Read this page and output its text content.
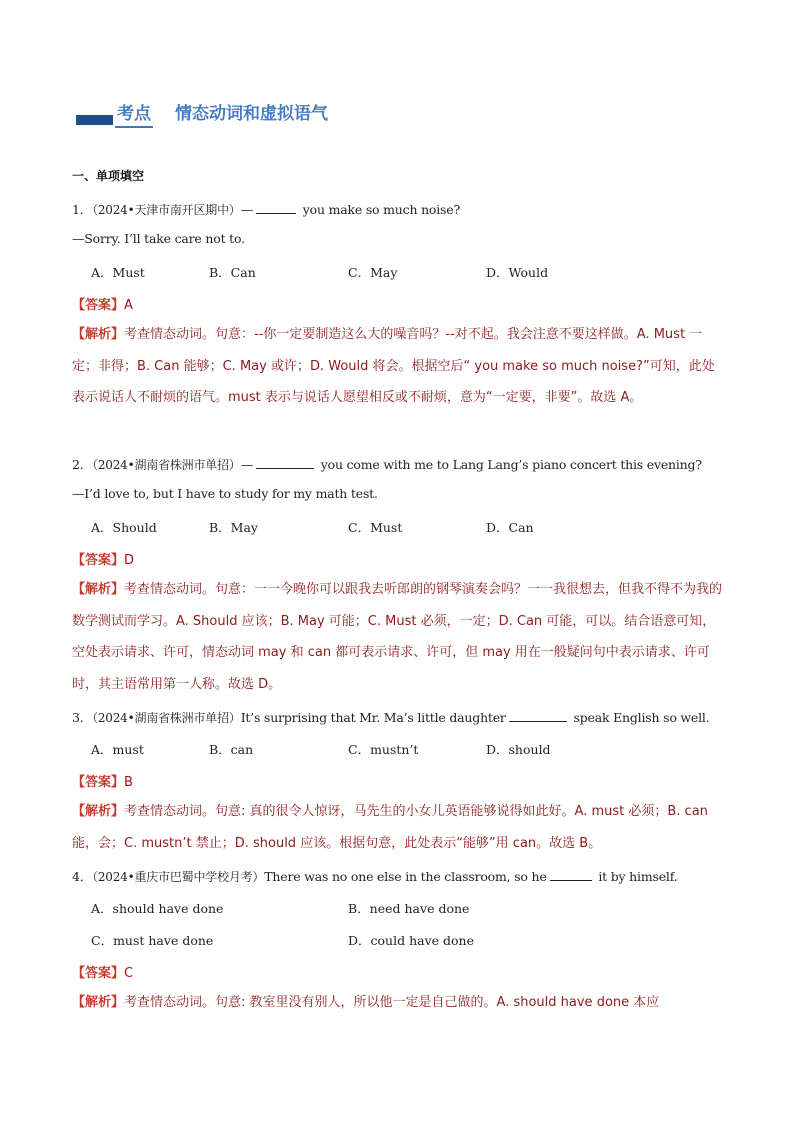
考点 情态动词和虚拟语气
一、单项填空
1．（2024•天津市南开区期中）—	you make so much noise?
—Sorry. I’ll take care not to.
A．Must	B．Can	C．May	D．Would
【答案】A
【解析】考查情态动词。句意：--你一定要制造这么大的噪音吗？--对不起。我会注意不要这样做。A. Must 一定；非得；B. Can 能够；C. May 或许；D. Would 将会。根据空后“ you make so much noise?”可知，此处表示说话人不耐烦的语气。must 表示与说话人愿望相反或不耐烦，意为“一定要，非要”。故选 A。
2．（2024•湖南省株洲市单招）—	you come with me to Lang Lang’s piano concert this evening?
—I’d love to, but I have to study for my math test.
A．Should	B．May	C．Must	D．Can
【答案】D
【解析】考查情态动词。句意：一一今晚你可以跟我去听郎朗的钢琴演奏会吗？一一我很想去，但我不得不为我的数学测试而学习。A. Should 应该；B. May 可能；C. Must 必须，一定；D. Can 可能，可以。结合语意可知，空处表示请求、许可，情态动词 may 和 can 都可表示请求、许可，但 may 用在一般疑问句中表示请求、许可时，其主语常用第一人称。故选 D。
3．（2024•湖南省株洲市单招）It’s surprising that Mr. Ma’s little daughter	speak English so well.
A．must	B．can	C．mustn’t	D．should
【答案】B
【解析】考查情态动词。句意: 真的很令人惊讶，马先生的小女儿英语能够说得如此好。A. must 必须；B. can 能，会；C. mustn’t 禁止；D. should 应该。根据句意，此处表示“能够”用 can。故选 B。
4．（2024•重庆市巴蜀中学校月考）There was no one else in the classroom, so he	it by himself.
A．should have done	B．need have done
C．must have done	D．could have done
【答案】C
【解析】考查情态动词。句意: 教室里没有别人，所以他一定是自己做的。A. should have done 本应
